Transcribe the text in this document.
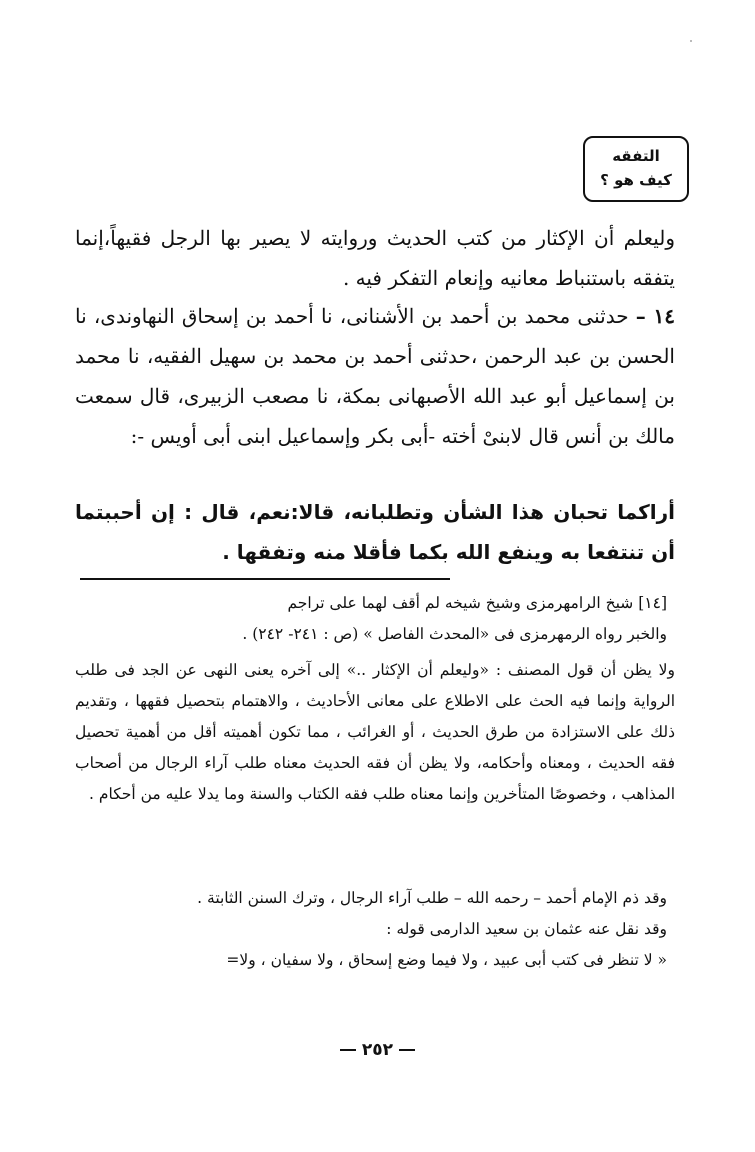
التفقه
كيف هو ؟
وليعلم أن الإكثار من كتب الحديث وروايته لا يصير بها الرجل فقيهاً،إنما يتفقه باستنباط معانيه وإنعام التفكر فيه .
١٤ – حدثنى محمد بن أحمد بن الأشنانى، نا أحمد بن إسحاق النهاوندى، نا الحسن بن عبد الرحمن ،حدثنى أحمد بن محمد بن سهيل الفقيه، نا محمد بن إسماعيل أبو عبد الله الأصبهانى بمكة، نا مصعب الزبيرى، قال سمعت مالك بن أنس قال لابنىْ أخته -أبى بكر وإسماعيل ابنى أبى أويس -:
أراكما تحبان هذا الشأن وتطلبانه، قالا:نعم، قال : إن أحببتما أن تنتفعا به وينفع الله بكما فأقلا منه وتفقها .

[١٤] شيخ الرامهرمزى وشيخ شيخه لم أقف لهما على تراجم

والخبر رواه الرمهرمزى فى «المحدث الفاصل » (ص : ٢٤١- ٢٤٢) .

ولا يظن أن قول المصنف : «وليعلم أن الإكثار ..» إلى آخره يعنى النهى عن الجد فى طلب الرواية وإنما فيه الحث على الاطلاع على معانى الأحاديث ، والاهتمام بتحصيل فقهها ، وتقديم ذلك على الاستزادة من طرق الحديث ، أو الغرائب ، مما تكون أهميته أقل من أهمية تحصيل فقه الحديث ، ومعناه وأحكامه، ولا يظن أن فقه الحديث معناه طلب آراء الرجال من أصحاب المذاهب ، وخصوصًا المتأخرين وإنما معناه طلب فقه الكتاب والسنة وما يدلا عليه من أحكام .

وقد ذم الإمام أحمد – رحمه الله – طلب آراء الرجال ، وترك السنن الثابتة .

وقد نقل عنه عثمان بن سعيد الدارمى قوله :

« لا تنظر فى كتب أبى عبيد ، ولا فيما وضع إسحاق ، ولا سفيان ، ولا=

٢٥٢
